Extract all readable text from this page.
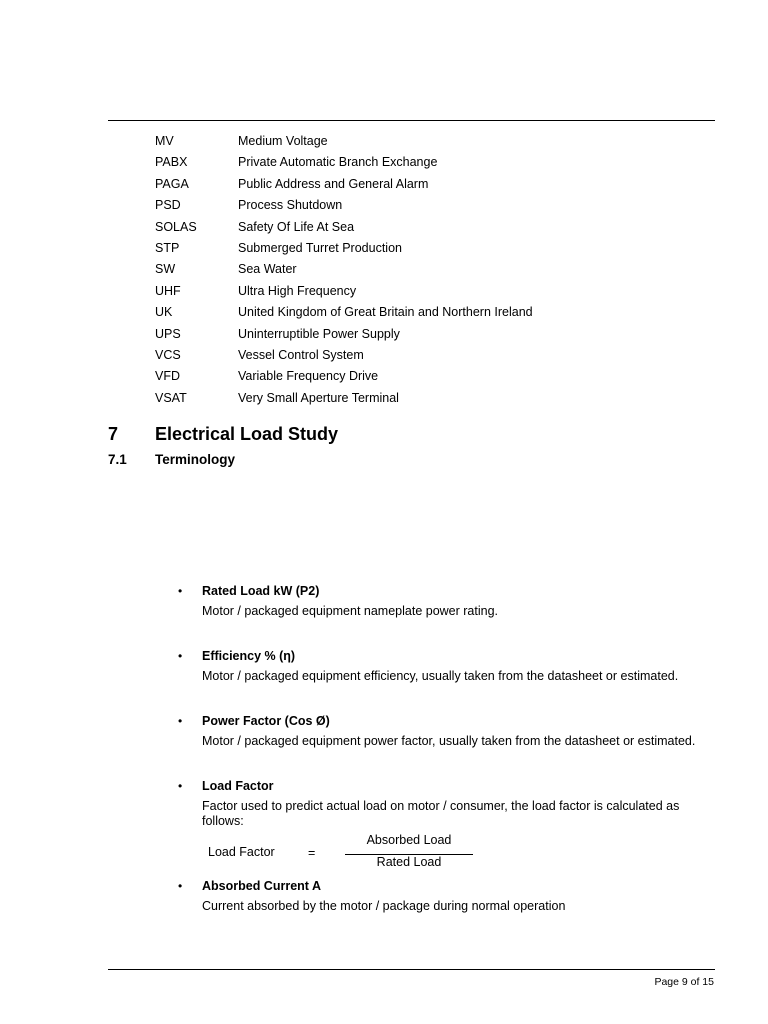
MV	Medium Voltage
PABX	Private Automatic Branch Exchange
PAGA	Public Address and General Alarm
PSD	Process Shutdown
SOLAS	Safety Of Life At Sea
STP	Submerged Turret Production
SW	Sea Water
UHF	Ultra High Frequency
UK	United Kingdom of Great Britain and Northern Ireland
UPS	Uninterruptible Power Supply
VCS	Vessel Control System
VFD	Variable Frequency Drive
VSAT	Very Small Aperture Terminal
7 Electrical Load Study
7.1 Terminology
• Rated Load kW (P2)
Motor / packaged equipment nameplate power rating.
• Efficiency % (η)
Motor / packaged equipment efficiency, usually taken from the datasheet or estimated.
• Power Factor (Cos Ø)
Motor / packaged equipment power factor, usually taken from the datasheet or estimated.
• Load Factor
Factor used to predict actual load on motor / consumer, the load factor is calculated as follows:
Load Factor	=
Absorbed Load
Rated Load
• Absorbed Current A
Current absorbed by the motor / package during normal operation
Page 9 of 15
